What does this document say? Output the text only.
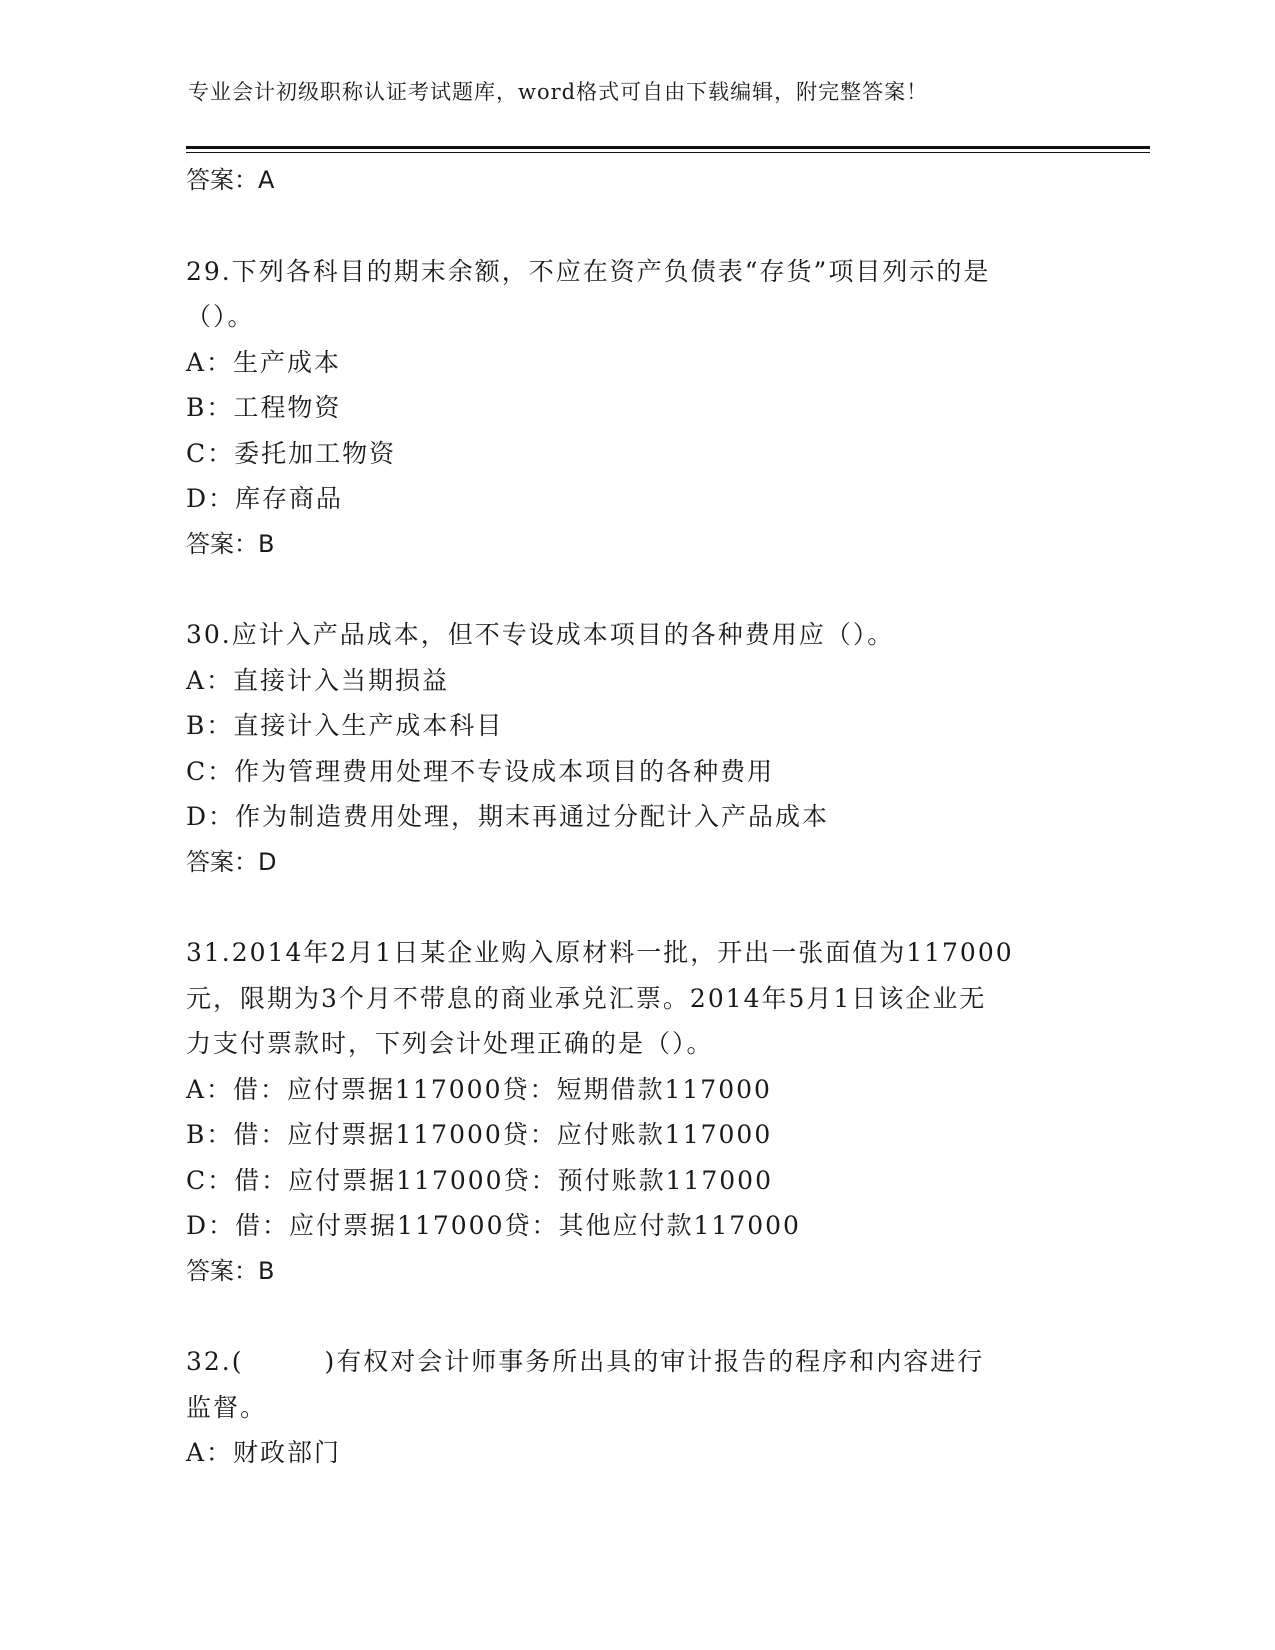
专业会计初级职称认证考试题库，word格式可自由下载编辑，附完整答案！
答案：A
29.下列各科目的期末余额，不应在资产负债表“存货”项目列示的是
（）。
A：生产成本
B：工程物资
C：委托加工物资
D：库存商品
答案：B
30.应计入产品成本，但不专设成本项目的各种费用应（）。
A：直接计入当期损益
B：直接计入生产成本科目
C：作为管理费用处理不专设成本项目的各种费用
D：作为制造费用处理，期末再通过分配计入产品成本
答案：D
31.2014年2月1日某企业购入原材料一批，开出一张面值为117000
元，限期为3个月不带息的商业承兑汇票。2014年5月1日该企业无
力支付票款时，下列会计处理正确的是（）。
A：借：应付票据117000贷：短期借款117000
B：借：应付票据117000贷：应付账款117000
C：借：应付票据117000贷：预付账款117000
D：借：应付票据117000贷：其他应付款117000
答案：B
32.(　　　)有权对会计师事务所出具的审计报告的程序和内容进行
监督。
A：财政部门
